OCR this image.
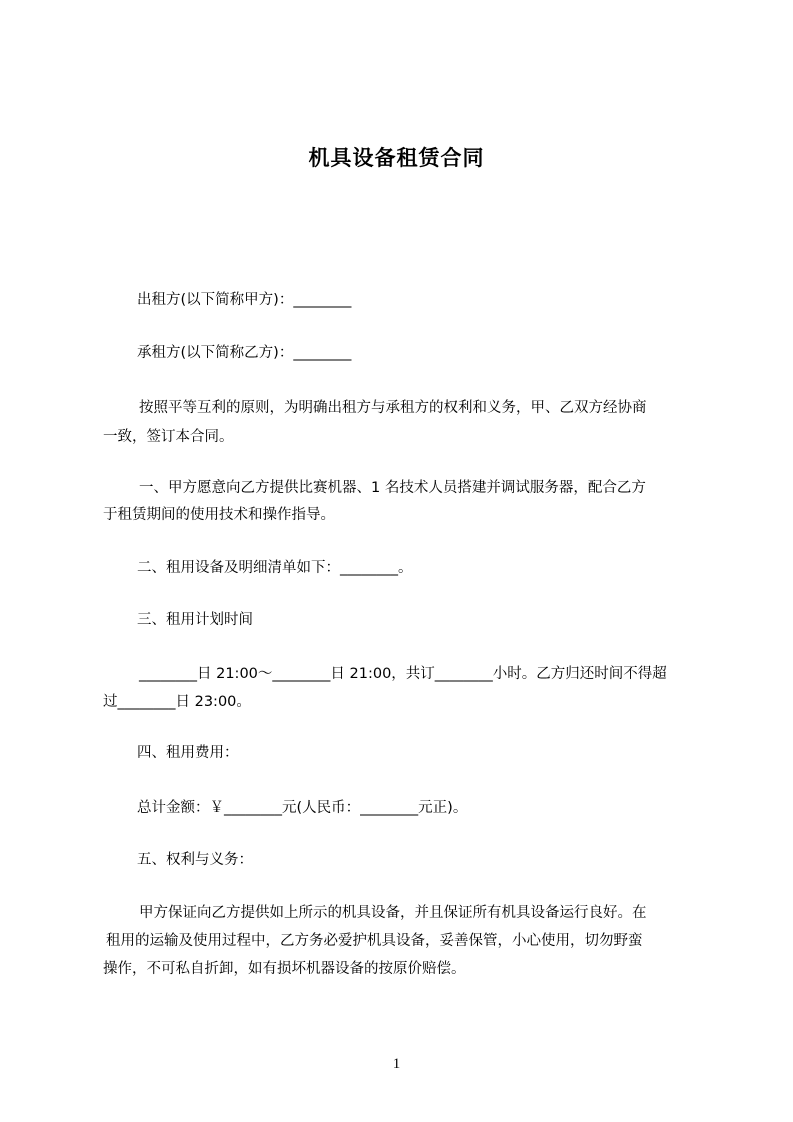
机具设备租赁合同
出租方(以下简称甲方)：________
承租方(以下简称乙方)：________
按照平等互利的原则，为明确出租方与承租方的权利和义务，甲、乙双方经协商
一致，签订本合同。
一、甲方愿意向乙方提供比赛机器、1 名技术人员搭建并调试服务器，配合乙方
于租赁期间的使用技术和操作指导。
二、租用设备及明细清单如下：________。
三、租用计划时间
________日 21:00～________日 21:00，共订________小时。乙方归还时间不得超
过________日 23:00。
四、租用费用：
总计金额：￥________元(人民币：________元正)。
五、权利与义务：
甲方保证向乙方提供如上所示的机具设备，并且保证所有机具设备运行良好。在
租用的运输及使用过程中，乙方务必爱护机具设备，妥善保管，小心使用，切勿野蛮
操作，不可私自折卸，如有损坏机器设备的按原价赔偿。
1
